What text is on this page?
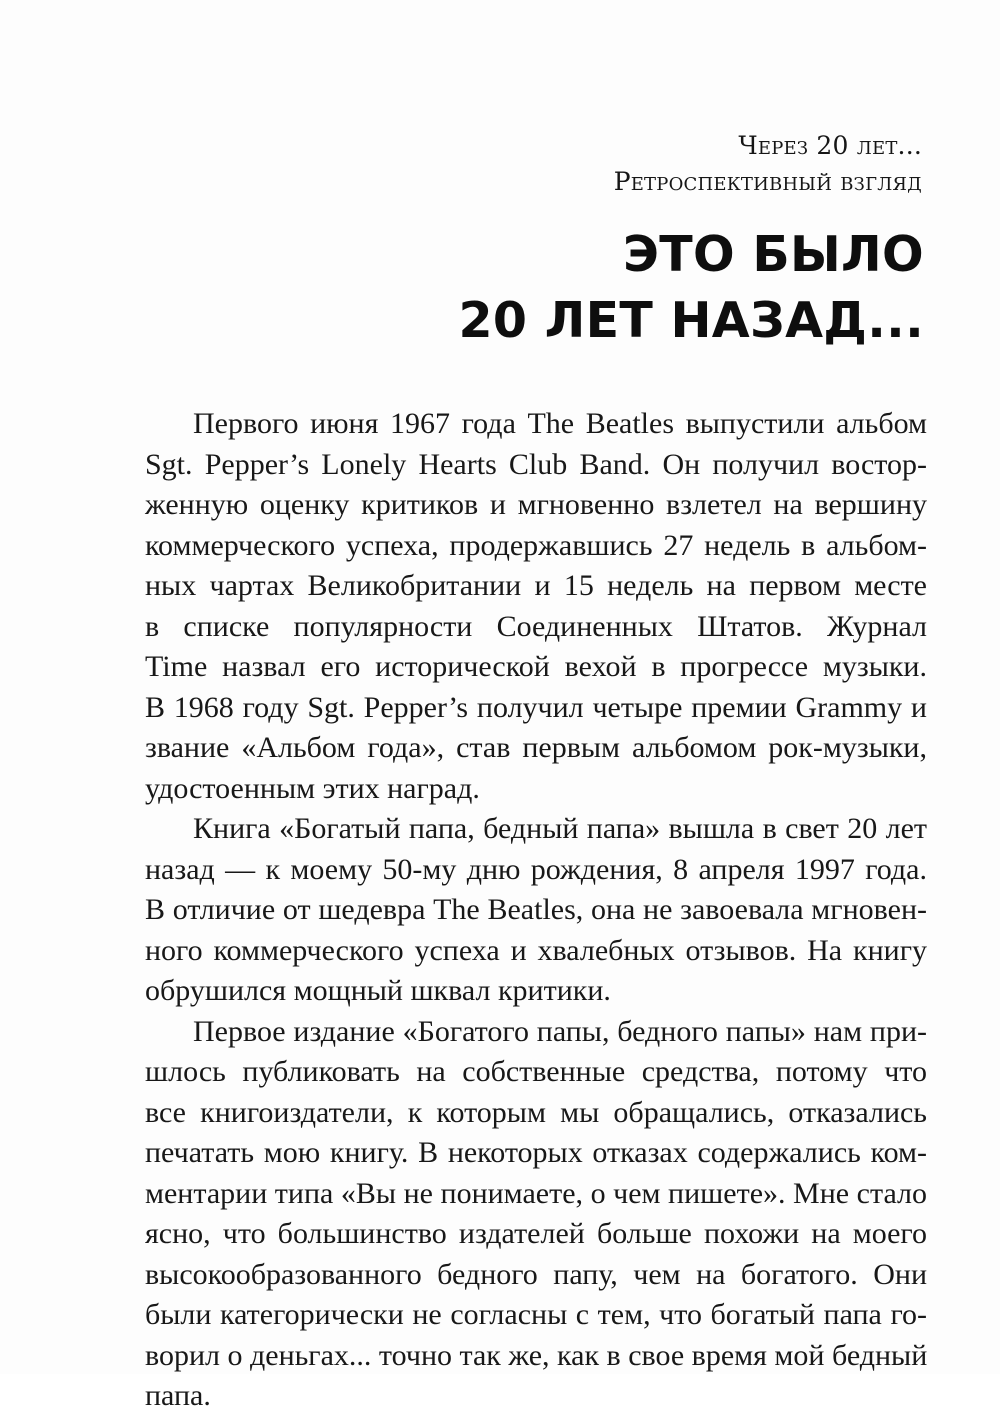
Через 20 лет...
Ретроспективный взгляд
ЭТО БЫЛО
20 ЛЕТ НАЗАД...
Первого июня 1967 года The Beatles выпустили альбом
Sgt. Pepper’s Lonely Hearts Club Band. Он получил востор-
женную оценку критиков и мгновенно взлетел на вершину
коммерческого успеха, продержавшись 27 недель в альбом-
ных чартах Великобритании и 15 недель на первом месте
в списке популярности Соединенных Штатов. Журнал
Time назвал его исторической вехой в прогрессе музыки.
В 1968 году Sgt. Pepper’s получил четыре премии Grammy и
звание «Альбом года», став первым альбомом рок-музыки,
удостоенным этих наград.
Книга «Богатый папа, бедный папа» вышла в свет 20 лет
назад — к моему 50-му дню рождения, 8 апреля 1997 года.
В отличие от шедевра The Beatles, она не завоевала мгновен-
ного коммерческого успеха и хвалебных отзывов. На книгу
обрушился мощный шквал критики.
Первое издание «Богатого папы, бедного папы» нам при-
шлось публиковать на собственные средства, потому что
все книгоиздатели, к которым мы обращались, отказались
печатать мою книгу. В некоторых отказах содержались ком-
ментарии типа «Вы не понимаете, о чем пишете». Мне стало
ясно, что большинство издателей больше похожи на моего
высокообразованного бедного папу, чем на богатого. Они
были категорически не согласны с тем, что богатый папа го-
ворил о деньгах... точно так же, как в свое время мой бедный
папа.
